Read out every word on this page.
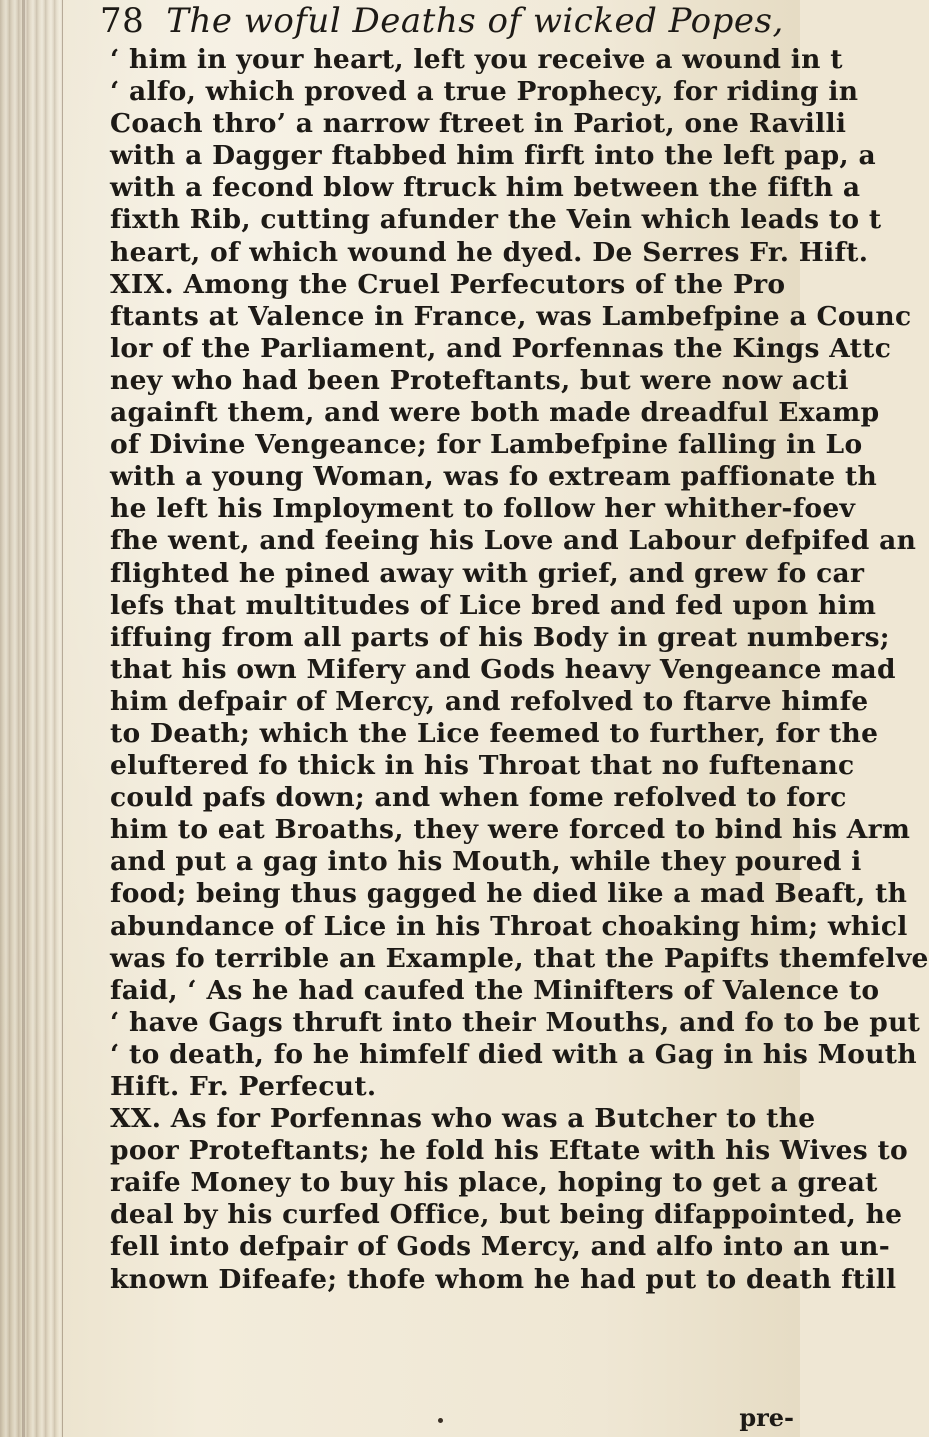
78 The woful Deaths of wicked Popes,
‘ him in your heart, left you receive a wound in t
‘ alfo, which proved a true Prophecy, for riding in
Coach thro’ a narrow ftreet in Pariot, one Ravilli
with a Dagger ftabbed him firft into the left pap, a
with a fecond blow ftruck him between the fifth a
fixth Rib, cutting afunder the Vein which leads to t
heart, of which wound he dyed. De Serres Fr. Hift.
XIX. Among the Cruel Perfecutors of the Pro
ftants at Valence in France, was Lambefpine a Counc
lor of the Parliament, and Porfennas the Kings Attc
ney who had been Proteftants, but were now acti
againft them, and were both made dreadful Examp
of Divine Vengeance; for Lambefpine falling in Lo
with a young Woman, was fo extream paffionate th
he left his Imployment to follow her whither-foev
fhe went, and feeing his Love and Labour defpifed an
flighted he pined away with grief, and grew fo car
lefs that multitudes of Lice bred and fed upon him
iffuing from all parts of his Body in great numbers;
that his own Mifery and Gods heavy Vengeance mad
him defpair of Mercy, and refolved to ftarve himfe
to Death; which the Lice feemed to further, for the
eluftered fo thick in his Throat that no fuftenanc
could pafs down; and when fome refolved to forc
him to eat Broaths, they were forced to bind his Arm
and put a gag into his Mouth, while they poured i
food; being thus gagged he died like a mad Beaft, th
abundance of Lice in his Throat choaking him; whicl
was fo terrible an Example, that the Papifts themfelve
faid, ‘ As he had caufed the Minifters of Valence to
‘ have Gags thruft into their Mouths, and fo to be put
‘ to death, fo he himfelf died with a Gag in his Mouth
Hift. Fr. Perfecut.
XX. As for Porfennas who was a Butcher to the
poor Proteftants; he fold his Eftate with his Wives to
raife Money to buy his place, hoping to get a great
deal by his curfed Office, but being difappointed, he
fell into defpair of Gods Mercy, and alfo into an un-
known Difeafe; thofe whom he had put to death ftill
pre-
